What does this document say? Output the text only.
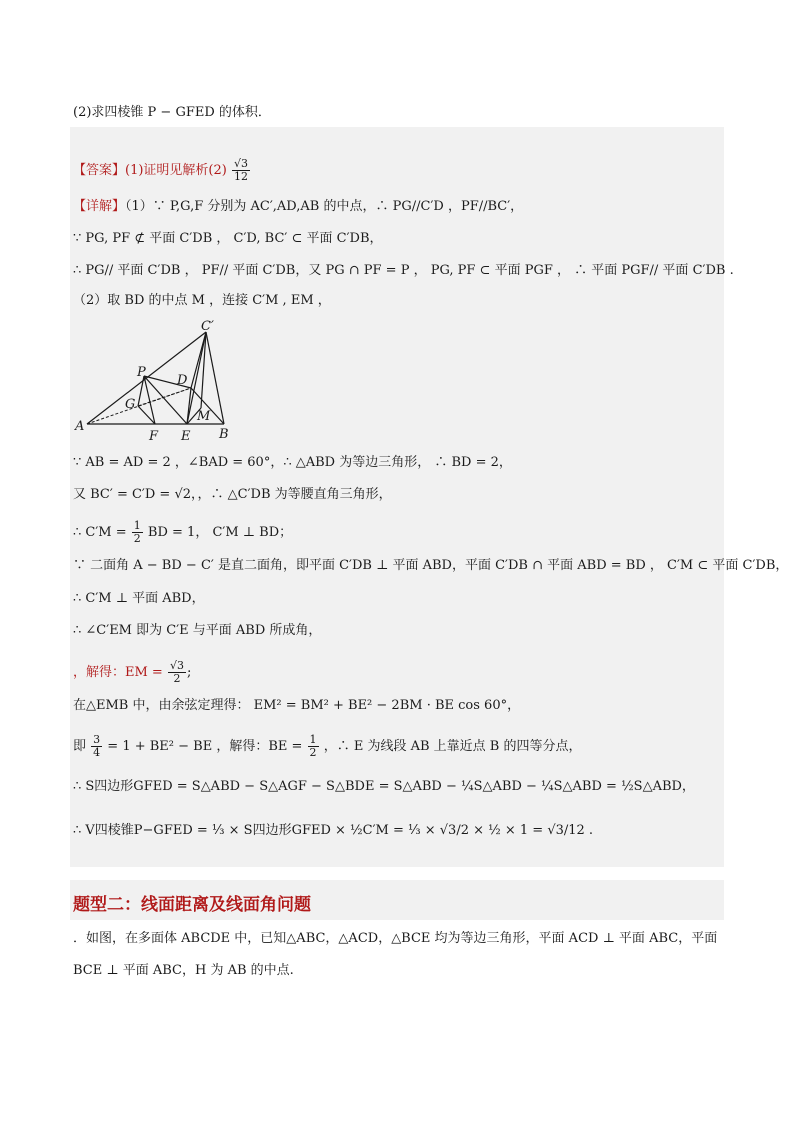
(2)求四棱锥 P − GFED 的体积．
【答案】(1)证明见解析$(2) \frac{√3}{12}$
【详解】（1）∵ P,G,F 分别为 AC′,AD,AB 的中点，∴ PG//C′D ，PF//BC′，
∵ PG, PF ⊄ 平面 C′DB ， C′D, BC′ ⊂ 平面 C′DB，
∴ PG// 平面 C′DB ， PF// 平面 C′DB，又 PG ∩ PF = P ， PG, PF ⊂ 平面 PGF ， ∴ 平面 PGF// 平面 C′DB .
（2）取 BD 的中点 M ，连接 C′M , EM ，
C′
P
D
G
M
A
F E B
∵ AB = AD = 2 ，∠BAD = 60°，∴ △ABD 为等边三角形， ∴ BD = 2，
又 BC′ = C′D = √2，，∴ △C′DB 为等腰直角三角形，
∴ $C'M = \frac{1}{2}$ BD = 1， C′M ⊥ BD；
∵ 二面角 A − BD − C′ 是直二面角，即平面 C′DB ⊥ 平面 ABD，平面 C′DB ∩ 平面 ABD = BD ， C′M ⊂ 平面 C′DB，
∴ C′M ⊥ 平面 ABD，
∴ ∠C′EM 即为 C′E 与平面 ABD 所成角，
，解得：EM = $\frac{√3}{2}$ ;
在△EMB 中，由余弦定理得： EM² = BM² + BE² − 2BM · BE cos 60°，
即 $\frac{3}{4} = 1 + BE^2$ − BE ，解得：BE = $\frac{1}{2}$ ，∴ E 为线段 AB 上靠近点 B 的四等分点，
∴ S四边形GFED = S△ABD − S△AGF − S△BDE = S△ABD − ¼S△ABD − ¼S△ABD = ½S△ABD，
∴ V四棱锥P−GFED = ⅓ × S四边形GFED × ½C′M = ⅓ × √3/2 × ½ × 1 = √3/12 .
题型二：线面距离及线面角问题
．如图，在多面体 ABCDE 中，已知△ABC，△ACD，△BCE 均为等边三角形，平面 ACD ⊥ 平面 ABC，平面
BCE ⊥ 平面 ABC，H 为 AB 的中点.
